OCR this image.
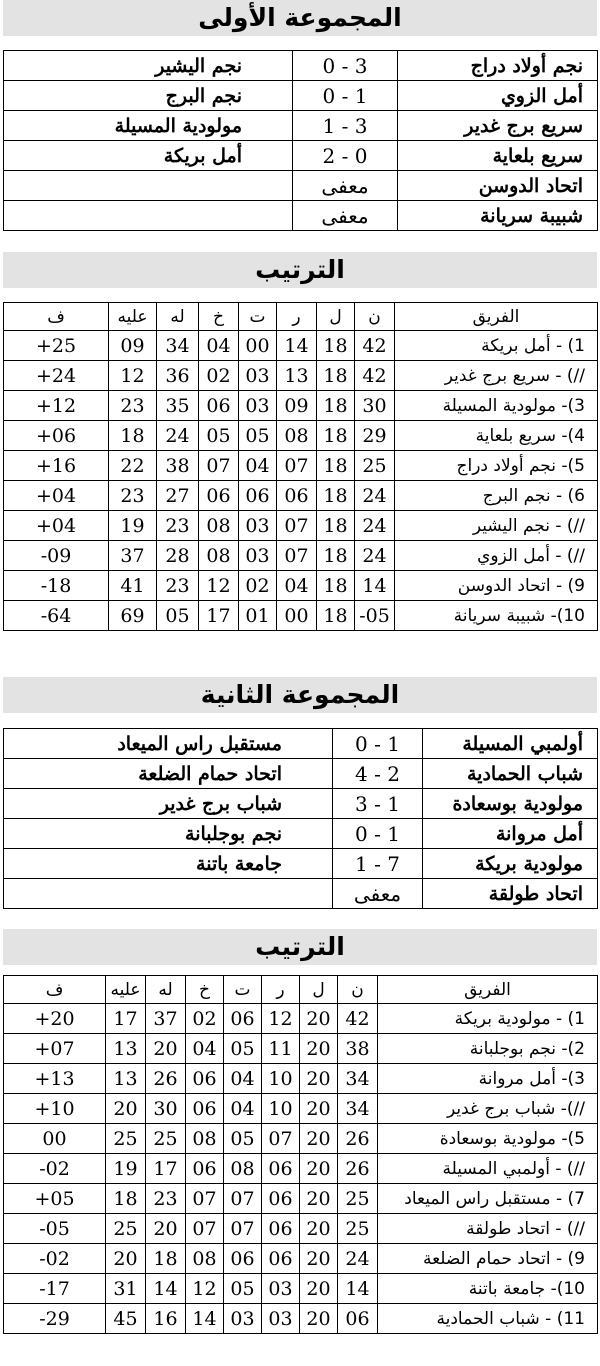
المجموعة الأولى
نجم أولاد دراج	3 - 0	نجم اليشير
أمل الزوي	1 - 0	نجم البرج
سريع برج غدير	3 - 1	مولودية المسيلة
سريع بلعاية	0 - 2	أمل بريكة
اتحاد الدوسن	معفى	
شبيبة سريانة	معفى	
الترتيب
الفريق	ن	ل	ر	ت	خ	له	عليه	ف
1) - أمل بريكة	42	18	14	00	04	34	09	25+
//) - سريع برج غدير	42	18	13	03	02	36	12	24+
3)- مولودية المسيلة	30	18	09	03	06	35	23	12+
4)- سريع بلعاية	29	18	08	05	05	24	18	06+
5)- نجم أولاد دراج	25	18	07	04	07	38	22	16+
6) - نجم البرج	24	18	06	06	06	27	23	04+
//) - نجم اليشير	24	18	07	03	08	23	19	04+
//) - أمل الزوي	24	18	07	03	08	28	37	09-
9) - اتحاد الدوسن	14	18	04	02	12	23	41	18-
10)- شبيبة سريانة	05-	18	00	01	17	05	69	64-
المجموعة الثانية
أولمبي المسيلة	1 - 0	مستقبل راس الميعاد
شباب الحمادية	2 - 4	اتحاد حمام الضلعة
مولودية بوسعادة	1 - 3	شباب برج غدير
أمل مروانة	1 - 0	نجم بوجلبانة
مولودية بريكة	7 - 1	جامعة باتنة
اتحاد طولقة	معفى	
الترتيب
الفريق	ن	ل	ر	ت	خ	له	عليه	ف
1) - مولودية بريكة	42	20	12	06	02	37	17	20+
2)- نجم بوجلبانة	38	20	11	05	04	20	13	07+
3)- أمل مروانة	34	20	10	04	06	26	13	13+
//)- شباب برج غدير	34	20	10	04	06	30	20	10+
5)- مولودية بوسعادة	26	20	07	05	08	25	25	00
//) - أولمبي المسيلة	26	20	06	08	06	17	19	02-
7) - مستقبل راس الميعاد	25	20	06	07	07	23	18	05+
//) - اتحاد طولقة	25	20	06	07	07	20	25	05-
9) - اتحاد حمام الضلعة	24	20	06	06	08	18	20	02-
10)- جامعة باتنة	14	20	03	05	12	14	31	17-
11) - شباب الحمادية	06	20	03	03	14	16	45	29-
